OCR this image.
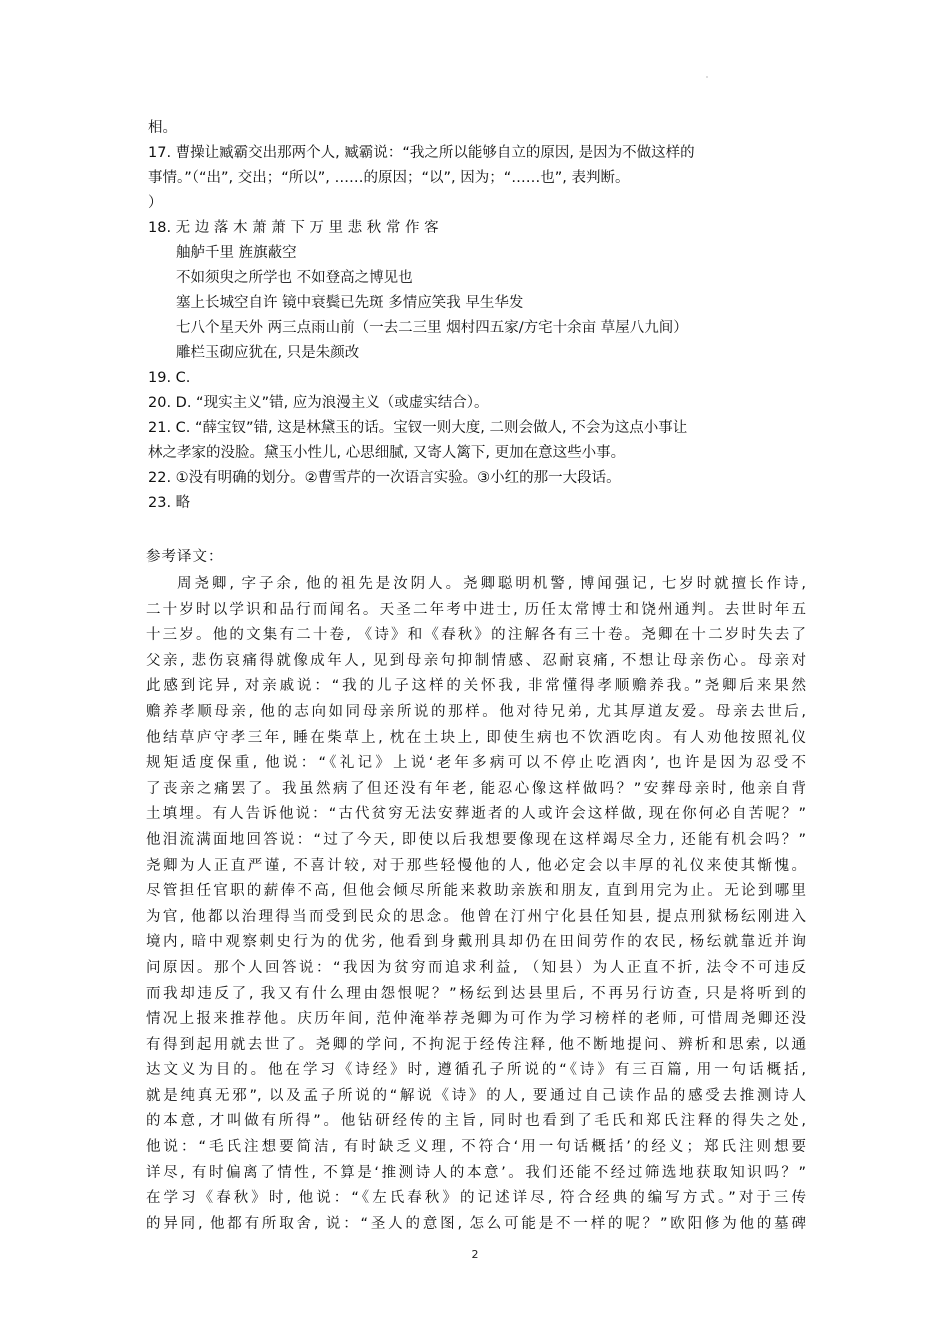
相。
17. 曹操让臧霸交出那两个人, 臧霸说：“我之所以能够自立的原因, 是因为不做这样的
事情。”（“出”, 交出；“所以”, ……的原因；“以”, 因为；“……也”, 表判断。
）
18. 无 边 落 木 萧 萧 下 万 里 悲 秋 常 作 客
舳舻千里 旌旗蔽空
不如须臾之所学也 不如登高之博见也
塞上长城空自许 镜中衰鬓已先斑 多情应笑我 早生华发
七八个星天外 两三点雨山前（一去二三里 烟村四五家/方宅十余亩 草屋八九间）
雕栏玉砌应犹在, 只是朱颜改
19. C.
20. D. “现实主义”错, 应为浪漫主义（或虚实结合）。
21. C. “薛宝钗”错, 这是林黛玉的话。宝钗一则大度, 二则会做人, 不会为这点小事让
林之孝家的没脸。黛玉小性儿, 心思细腻, 又寄人篱下, 更加在意这些小事。
22. ①没有明确的划分。②曹雪芹的一次语言实验。③小红的那一大段话。
23. 略
参考译文：
周尧卿, 字子余, 他的祖先是汝阴人。尧卿聪明机警, 博闻强记, 七岁时就擅长作诗,
二十岁时以学识和品行而闻名。天圣二年考中进士, 历任太常博士和饶州通判。去世时年五
十三岁。他的文集有二十卷, 《诗》和《春秋》的注解各有三十卷。尧卿在十二岁时失去了
父亲, 悲伤哀痛得就像成年人, 见到母亲句抑制情感、忍耐哀痛, 不想让母亲伤心。母亲对
此感到诧异, 对亲戚说：“我的儿子这样的关怀我, 非常懂得孝顺赡养我。”尧卿后来果然
赡养孝顺母亲, 他的志向如同母亲所说的那样。他对待兄弟, 尤其厚道友爱。母亲去世后,
他结草庐守孝三年, 睡在柴草上, 枕在土块上, 即使生病也不饮酒吃肉。有人劝他按照礼仪
规矩适度保重, 他说：“《礼记》上说‘老年多病可以不停止吃酒肉’, 也许是因为忍受不
了丧亲之痛罢了。我虽然病了但还没有年老, 能忍心像这样做吗？”安葬母亲时, 他亲自背
土填埋。有人告诉他说：“古代贫穷无法安葬逝者的人或许会这样做, 现在你何必自苦呢？”
他泪流满面地回答说：“过了今天, 即使以后我想要像现在这样竭尽全力, 还能有机会吗？”
尧卿为人正直严谨, 不喜计较, 对于那些轻慢他的人, 他必定会以丰厚的礼仪来使其惭愧。
尽管担任官职的薪俸不高, 但他会倾尽所能来救助亲族和朋友, 直到用完为止。无论到哪里
为官, 他都以治理得当而受到民众的思念。他曾在汀州宁化县任知县, 提点刑狱杨纭刚进入
境内, 暗中观察刺史行为的优劣, 他看到身戴刑具却仍在田间劳作的农民, 杨纭就靠近并询
问原因。那个人回答说：“我因为贫穷而追求利益, （知县）为人正直不折, 法令不可违反
而我却违反了, 我又有什么理由怨恨呢？”杨纭到达县里后, 不再另行访查, 只是将听到的
情况上报来推荐他。庆历年间, 范仲淹举荐尧卿为可作为学习榜样的老师, 可惜周尧卿还没
有得到起用就去世了。尧卿的学问, 不拘泥于经传注释, 他不断地提问、辨析和思索, 以通
达文义为目的。他在学习《诗经》时, 遵循孔子所说的“《诗》有三百篇, 用一句话概括,
就是纯真无邪”, 以及孟子所说的“解说《诗》的人, 要通过自己读作品的感受去推测诗人
的本意, 才叫做有所得”。他钻研经传的主旨, 同时也看到了毛氏和郑氏注释的得失之处,
他说：“毛氏注想要简洁, 有时缺乏义理, 不符合‘用一句话概括’的经义；郑氏注则想要
详尽, 有时偏离了情性, 不算是‘推测诗人的本意’。我们还能不经过筛选地获取知识吗？”
在学习《春秋》时, 他说：“《左氏春秋》的记述详尽, 符合经典的编写方式。”对于三传
的异同, 他都有所取舍, 说：“圣人的意图, 怎么可能是不一样的呢？”欧阳修为他的墓碑
2
